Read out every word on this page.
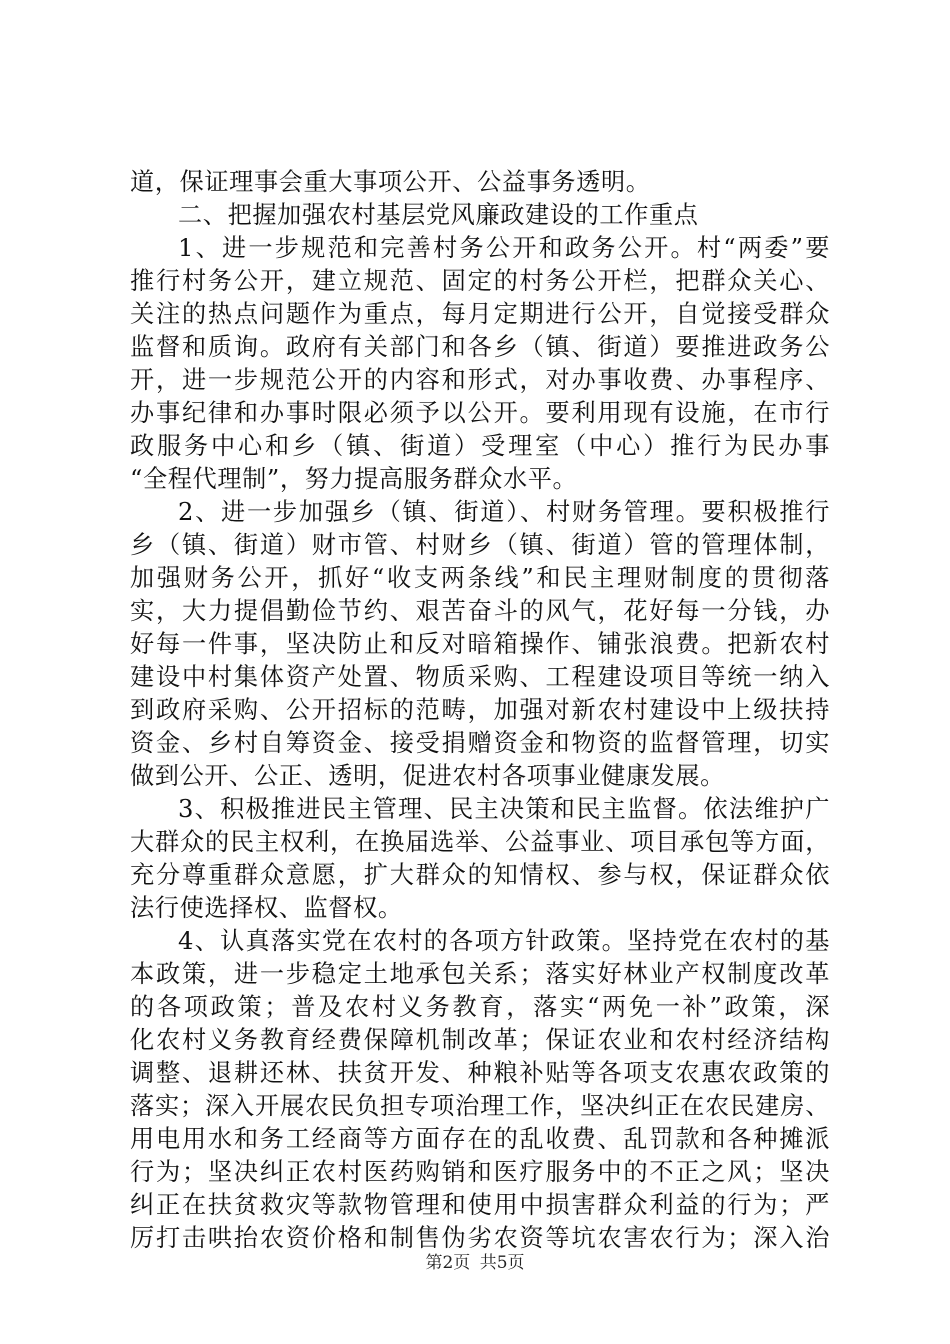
道，保证理事会重大事项公开、公益事务透明。
二、把握加强农村基层党风廉政建设的工作重点
1、进一步规范和完善村务公开和政务公开。村“两委”要
推行村务公开，建立规范、固定的村务公开栏，把群众关心、
关注的热点问题作为重点，每月定期进行公开，自觉接受群众
监督和质询。政府有关部门和各乡（镇、街道）要推进政务公
开，进一步规范公开的内容和形式，对办事收费、办事程序、
办事纪律和办事时限必须予以公开。要利用现有设施，在市行
政服务中心和乡（镇、街道）受理室（中心）推行为民办事
“全程代理制”，努力提高服务群众水平。
2、进一步加强乡（镇、街道）、村财务管理。要积极推行
乡（镇、街道）财市管、村财乡（镇、街道）管的管理体制，
加强财务公开，抓好“收支两条线”和民主理财制度的贯彻落
实，大力提倡勤俭节约、艰苦奋斗的风气，花好每一分钱，办
好每一件事，坚决防止和反对暗箱操作、铺张浪费。把新农村
建设中村集体资产处置、物质采购、工程建设项目等统一纳入
到政府采购、公开招标的范畴，加强对新农村建设中上级扶持
资金、乡村自筹资金、接受捐赠资金和物资的监督管理，切实
做到公开、公正、透明，促进农村各项事业健康发展。
3、积极推进民主管理、民主决策和民主监督。依法维护广
大群众的民主权利，在换届选举、公益事业、项目承包等方面，
充分尊重群众意愿，扩大群众的知情权、参与权，保证群众依
法行使选择权、监督权。
4、认真落实党在农村的各项方针政策。坚持党在农村的基
本政策，进一步稳定土地承包关系；落实好林业产权制度改革
的各项政策；普及农村义务教育，落实“两免一补”政策，深
化农村义务教育经费保障机制改革；保证农业和农村经济结构
调整、退耕还林、扶贫开发、种粮补贴等各项支农惠农政策的
落实；深入开展农民负担专项治理工作，坚决纠正在农民建房、
用电用水和务工经商等方面存在的乱收费、乱罚款和各种摊派
行为；坚决纠正农村医药购销和医疗服务中的不正之风；坚决
纠正在扶贫救灾等款物管理和使用中损害群众利益的行为；严
厉打击哄抬农资价格和制售伪劣农资等坑农害农行为；深入治
第2页 共5页
